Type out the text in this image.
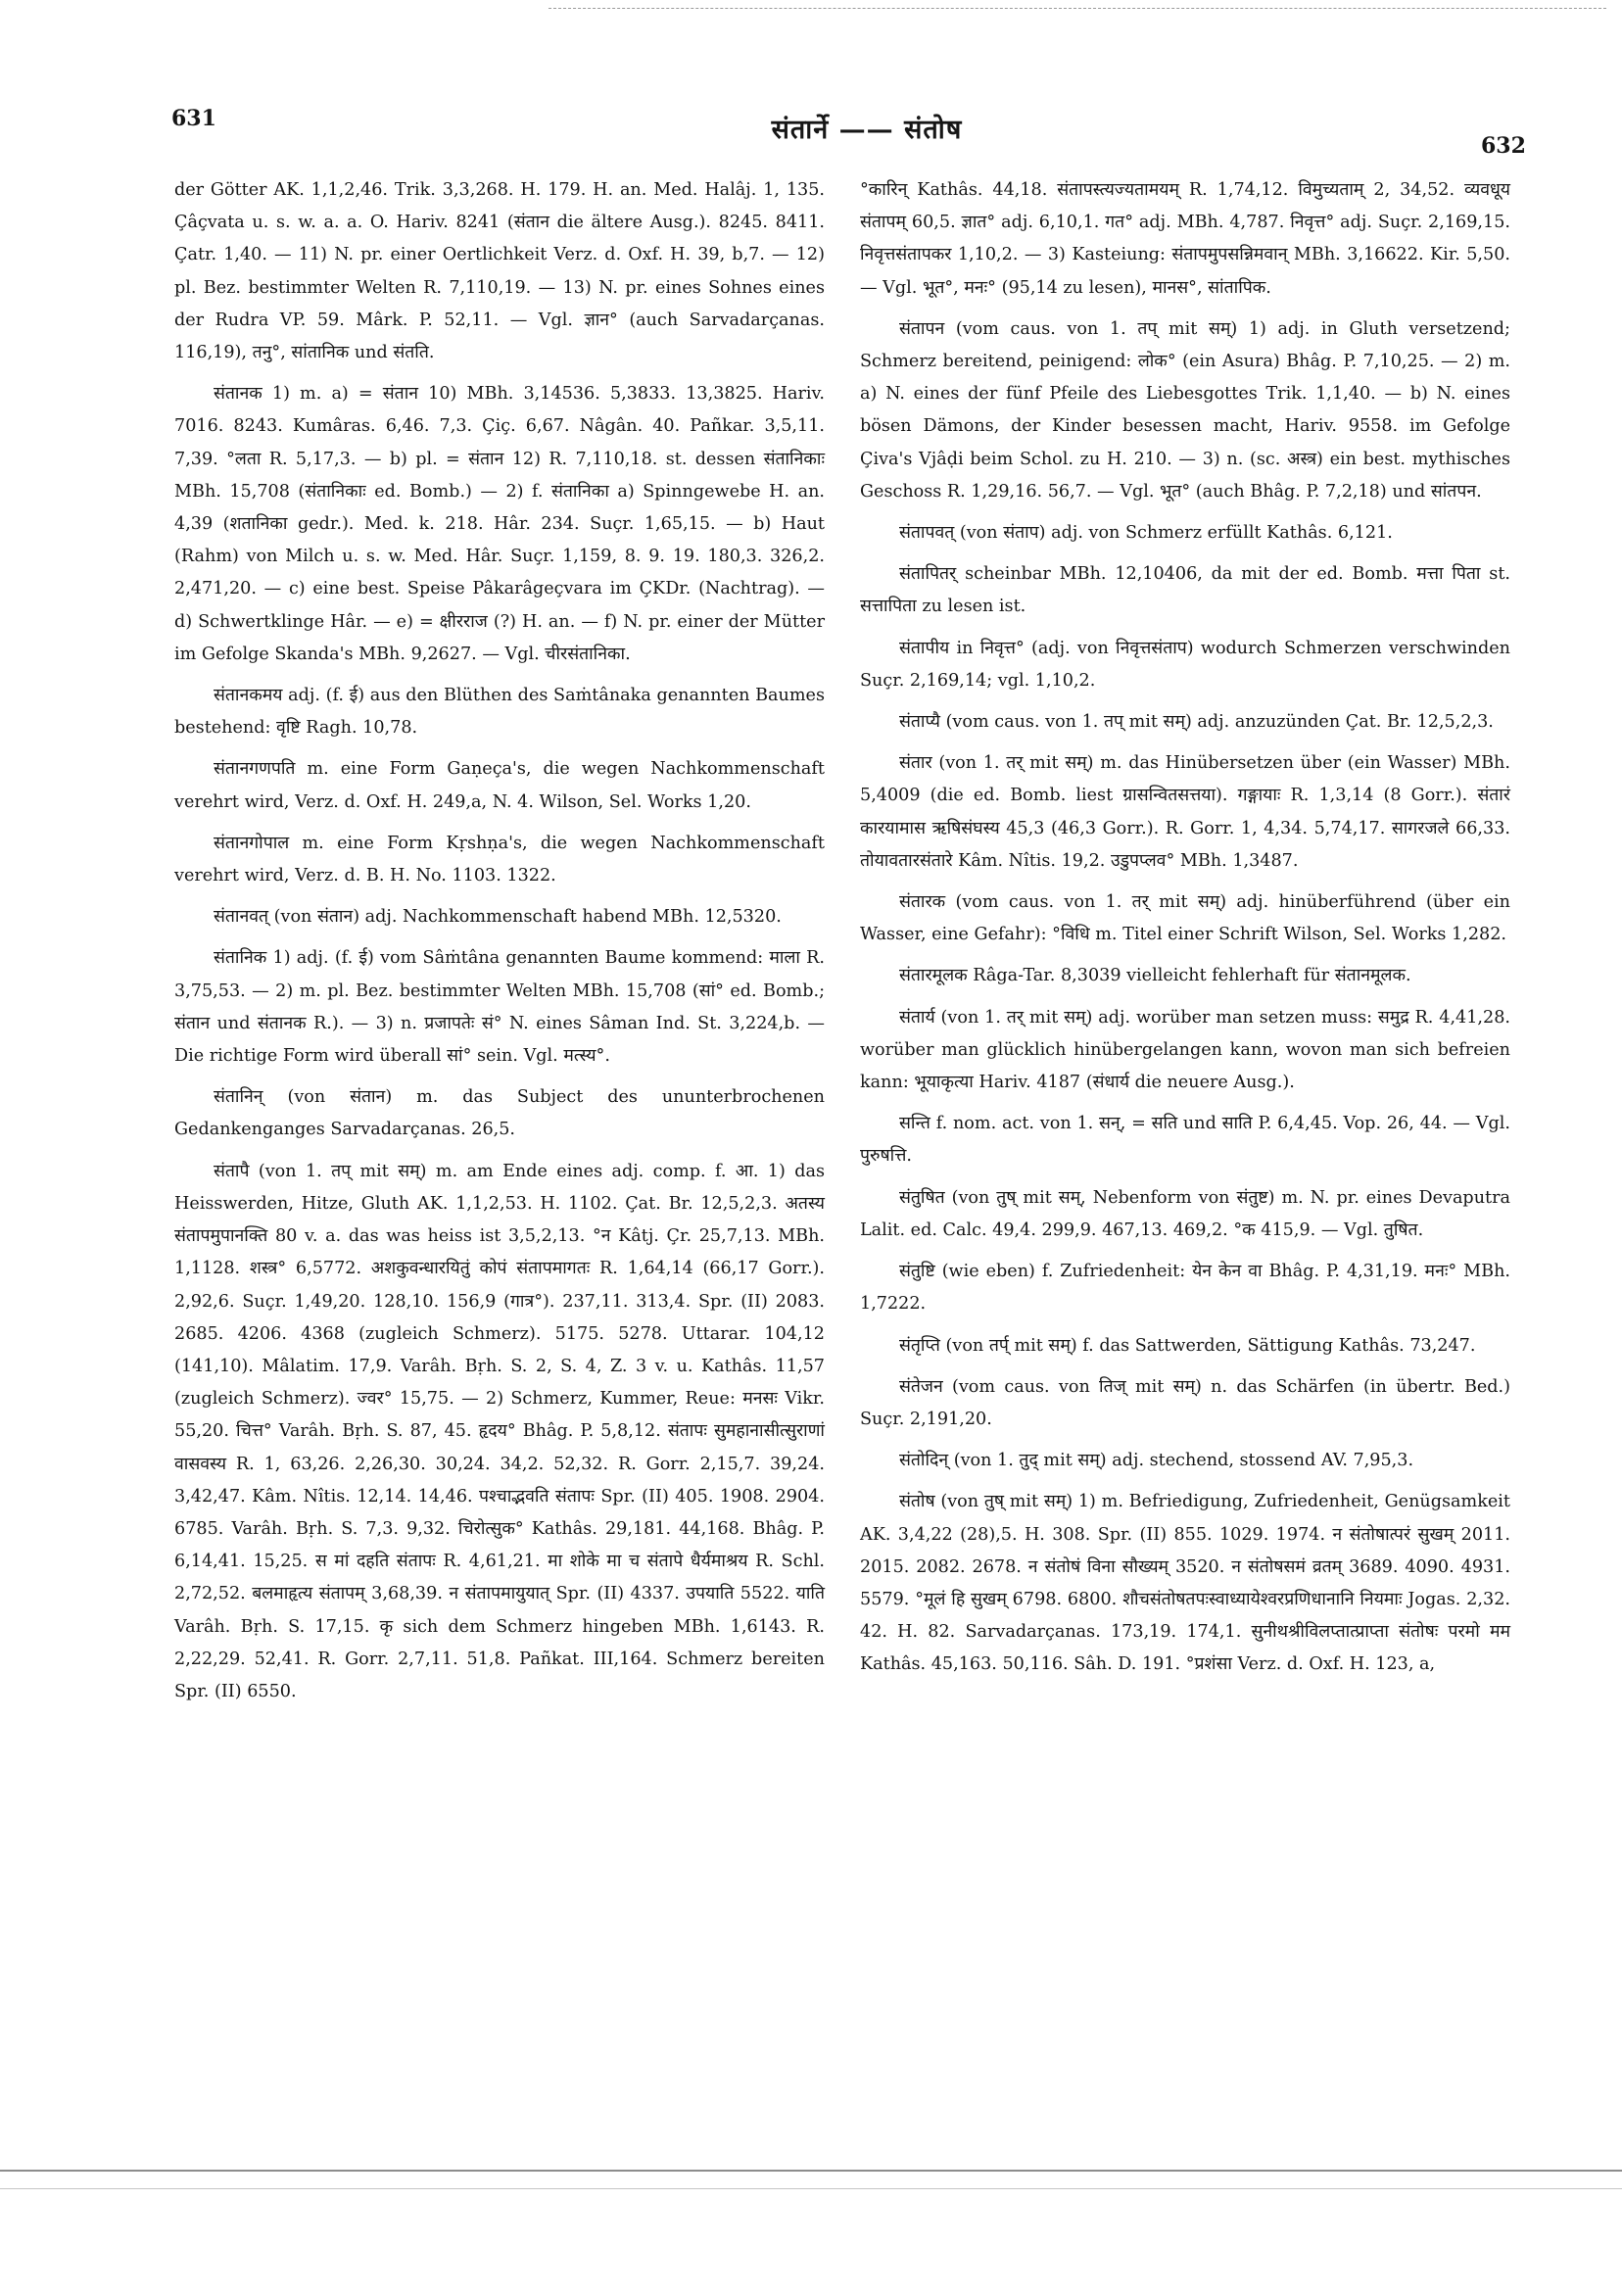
631	संतार्ने —— संतोष
632

der Götter AK. 1,1,2,46. Trik. 3,3,268. H. 179. H. an. Med. Halâj. 1, 135. Çâçvata u. s. w. a. a. O. Hariv. 8241 (संतान die ältere Ausg.). 8245. 8411. Çatr. 1,40. — 11) N. pr. einer Oertlichkeit Verz. d. Oxf. H. 39, b,7. — 12) pl. Bez. bestimmter Welten R. 7,110,19. — 13) N. pr. eines Sohnes eines der Rudra VP. 59. Mârk. P. 52,11. — Vgl. ज्ञान° (auch Sarvadarçanas. 116,19), तनु°, सांतानिक und संतति.

संतानक 1) m. a) = संतान 10) MBh. 3,14536. 5,3833. 13,3825. Hariv. 7016. 8243. Kumâras. 6,46. 7,3. Çiç. 6,67. Nâgân. 40. Pañkar. 3,5,11. 7,39. °लता R. 5,17,3. — b) pl. = संतान 12) R. 7,110,18. st. dessen संतानिकाः MBh. 15,708 (संतानिकाः ed. Bomb.) — 2) f. संतानिका a) Spinngewebe H. an. 4,39 (शतानिका gedr.). Med. k. 218. Hâr. 234. Suçr. 1,65,15. — b) Haut (Rahm) von Milch u. s. w. Med. Hâr. Suçr. 1,159, 8. 9. 19. 180,3. 326,2. 2,471,20. — c) eine best. Speise Pâkarâgeçvara im ÇKDr. (Nachtrag). — d) Schwertklinge Hâr. — e) = क्षीरराज (?) H. an. — f) N. pr. einer der Mütter im Gefolge Skanda's MBh. 9,2627. — Vgl. चीरसंतानिका.

संतानकमय adj. (f. ई) aus den Blüthen des Saṁtânaka genannten Baumes bestehend: वृष्टि Ragh. 10,78.

संतानगणपति m. eine Form Gaṇeça's, die wegen Nachkommenschaft verehrt wird, Verz. d. Oxf. H. 249,a, N. 4. Wilson, Sel. Works 1,20.

संतानगोपाल m. eine Form Kṛshṇa's, die wegen Nachkommenschaft verehrt wird, Verz. d. B. H. No. 1103. 1322.

संतानवत् (von संतान) adj. Nachkommenschaft habend MBh. 12,5320.

संतानिक 1) adj. (f. ई) vom Sâṁtâna genannten Baume kommend: माला R. 3,75,53. — 2) m. pl. Bez. bestimmter Welten MBh. 15,708 (सां° ed. Bomb.; संतान und संतानक R.). — 3) n. प्रजापतेः सं° N. eines Sâman Ind. St. 3,224,b. — Die richtige Form wird überall सां° sein. Vgl. मत्स्य°.

संतानिन् (von संतान) m. das Subject des ununterbrochenen Gedankenganges Sarvadarçanas. 26,5.

संतापै (von 1. तप् mit सम्) m. am Ende eines adj. comp. f. आ. 1) das Heisswerden, Hitze, Gluth AK. 1,1,2,53. H. 1102. Çat. Br. 12,5,2,3. अतस्य संतापमुपानक्ति 80 v. a. das was heiss ist 3,5,2,13. °न Kâtj. Çr. 25,7,13. MBh. 1,1128. शस्त्र° 6,5772. अशकुवन्धारयितुं कोपं संतापमागतः R. 1,64,14 (66,17 Gorr.). 2,92,6. Suçr. 1,49,20. 128,10. 156,9 (गात्र°). 237,11. 313,4. Spr. (II) 2083. 2685. 4206. 4368 (zugleich Schmerz). 5175. 5278. Uttarar. 104,12 (141,10). Mâlatim. 17,9. Varâh. Bṛh. S. 2, S. 4, Z. 3 v. u. Kathâs. 11,57 (zugleich Schmerz). ज्वर° 15,75. — 2) Schmerz, Kummer, Reue: मनसः Vikr. 55,20. चित्त° Varâh. Bṛh. S. 87, 45. हृदय° Bhâg. P. 5,8,12. संतापः सुमहानासीत्सुराणां वासवस्य R. 1, 63,26. 2,26,30. 30,24. 34,2. 52,32. R. Gorr. 2,15,7. 39,24. 3,42,47. Kâm. Nîtis. 12,14. 14,46. पश्चाद्भवति संतापः Spr. (II) 405. 1908. 2904. 6785. Varâh. Bṛh. S. 7,3. 9,32. चिरोत्सुक° Kathâs. 29,181. 44,168. Bhâg. P. 6,14,41. 15,25. स मां दहति संतापः R. 4,61,21. मा शोके मा च संतापे धैर्यमाश्रय R. Schl. 2,72,52. बलमाहृत्य संतापम् 3,68,39. न संतापमायुयात् Spr. (II) 4337. उपयाति 5522. याति Varâh. Bṛh. S. 17,15. कृ sich dem Schmerz hingeben MBh. 1,6143. R. 2,22,29. 52,41. R. Gorr. 2,7,11. 51,8. Pañkat. III,164. Schmerz bereiten Spr. (II) 6550.

°कारिन् Kathâs. 44,18. संतापस्त्यज्यतामयम् R. 1,74,12. विमुच्यताम् 2, 34,52. व्यवधूय संतापम् 60,5. ज्ञात° adj. 6,10,1. गत° adj. MBh. 4,787. निवृत्त° adj. Suçr. 2,169,15. निवृत्तसंतापकर 1,10,2. — 3) Kasteiung: संतापमुपसन्निमवान् MBh. 3,16622. Kir. 5,50. — Vgl. भूत°, मनः° (95,14 zu lesen), मानस°, सांतापिक.

संतापन (vom caus. von 1. तप् mit सम्) 1) adj. in Gluth versetzend; Schmerz bereitend, peinigend: लोक° (ein Asura) Bhâg. P. 7,10,25. — 2) m. a) N. eines der fünf Pfeile des Liebesgottes Trik. 1,1,40. — b) N. eines bösen Dämons, der Kinder besessen macht, Hariv. 9558. im Gefolge Çiva's Vjâḍi beim Schol. zu H. 210. — 3) n. (sc. अस्त्र) ein best. mythisches Geschoss R. 1,29,16. 56,7. — Vgl. भूत° (auch Bhâg. P. 7,2,18) und सांतपन.

संतापवत् (von संताप) adj. von Schmerz erfüllt Kathâs. 6,121.

संतापितर् scheinbar MBh. 12,10406, da mit der ed. Bomb. मत्ता पिता st. सत्तापिता zu lesen ist.

संतापीय in निवृत्त° (adj. von निवृत्तसंताप) wodurch Schmerzen verschwinden Suçr. 2,169,14; vgl. 1,10,2.

संताप्यै (vom caus. von 1. तप् mit सम्) adj. anzuzünden Çat. Br. 12,5,2,3.

संतार (von 1. तर् mit सम्) m. das Hinübersetzen über (ein Wasser) MBh. 5,4009 (die ed. Bomb. liest ग्रासन्वितसत्तया). गङ्गायाः R. 1,3,14 (8 Gorr.). संतारं कारयामास ऋषिसंघस्य 45,3 (46,3 Gorr.). R. Gorr. 1, 4,34. 5,74,17. सागरजले 66,33. तोयावतारसंतारे Kâm. Nîtis. 19,2. उडुपप्लव° MBh. 1,3487.

संतारक (vom caus. von 1. तर् mit सम्) adj. hinüberführend (über ein Wasser, eine Gefahr): °विधि m. Titel einer Schrift Wilson, Sel. Works 1,282.

संतारमूलक Râga-Tar. 8,3039 vielleicht fehlerhaft für संतानमूलक.

संतार्य (von 1. तर् mit सम्) adj. worüber man setzen muss: समुद्र R. 4,41,28. worüber man glücklich hinübergelangen kann, wovon man sich befreien kann: भूयाकृत्या Hariv. 4187 (संधार्य die neuere Ausg.).

सन्ति f. nom. act. von 1. सन्, = सति und साति P. 6,4,45. Vop. 26, 44. — Vgl. पुरुषत्ति.

संतुषित (von तुष् mit सम्, Nebenform von संतुष्ट) m. N. pr. eines Devaputra Lalit. ed. Calc. 49,4. 299,9. 467,13. 469,2. °क 415,9. — Vgl. तुषित.

संतुष्टि (wie eben) f. Zufriedenheit: येन केन वा Bhâg. P. 4,31,19. मनः° MBh. 1,7222.

संतृप्ति (von तर्प् mit सम्) f. das Sattwerden, Sättigung Kathâs. 73,247.

संतेजन (vom caus. von तिज् mit सम्) n. das Schärfen (in übertr. Bed.) Suçr. 2,191,20.

संतोदिन् (von 1. तुद् mit सम्) adj. stechend, stossend AV. 7,95,3.

संतोष (von तुष् mit सम्) 1) m. Befriedigung, Zufriedenheit, Genügsamkeit AK. 3,4,22 (28),5. H. 308. Spr. (II) 855. 1029. 1974. न संतोषात्परं सुखम् 2011. 2015. 2082. 2678. न संतोषं विना सौख्यम् 3520. न संतोषसमं व्रतम् 3689. 4090. 4931. 5579. °मूलं हि सुखम् 6798. 6800. शौचसंतोषतपःस्वाध्यायेश्वरप्रणिधानानि नियमाः Jogas. 2,32. 42. H. 82. Sarvadarçanas. 173,19. 174,1. सुनीथश्रीविलप्तात्प्राप्ता संतोषः परमो मम Kathâs. 45,163. 50,116. Sâh. D. 191. °प्रशंसा Verz. d. Oxf. H. 123, a,
